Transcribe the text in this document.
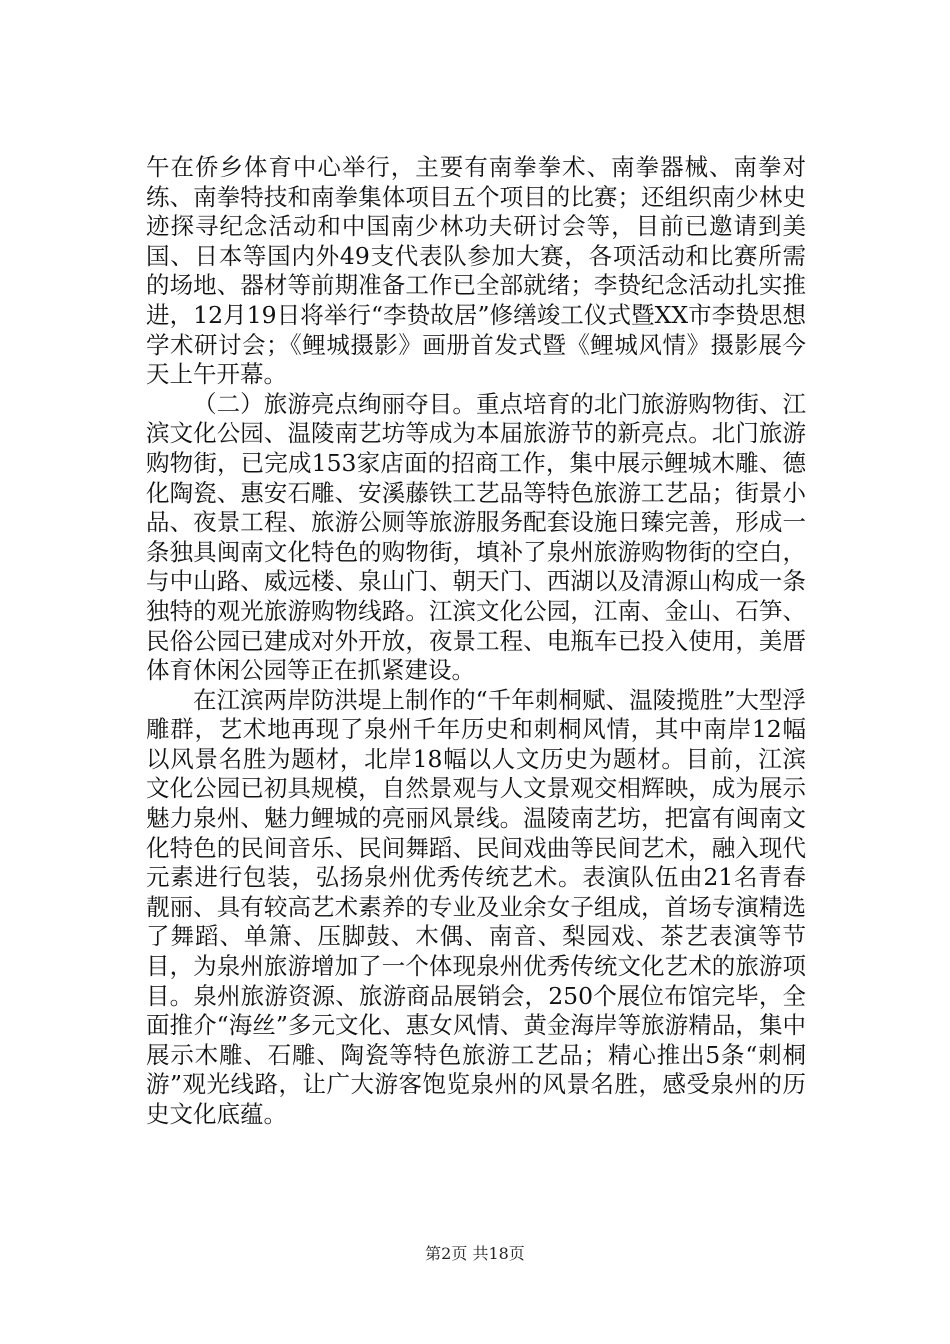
午在侨乡体育中心举行，主要有南拳拳术、南拳器械、南拳对练、南拳特技和南拳集体项目五个项目的比赛；还组织南少林史迹探寻纪念活动和中国南少林功夫研讨会等，目前已邀请到美国、日本等国内外49支代表队参加大赛，各项活动和比赛所需的场地、器材等前期准备工作已全部就绪；李贽纪念活动扎实推进，12月19日将举行“李贽故居”修缮竣工仪式暨XX市李贽思想学术研讨会；《鲤城摄影》画册首发式暨《鲤城风情》摄影展今天上午开幕。

（二）旅游亮点绚丽夺目。重点培育的北门旅游购物街、江滨文化公园、温陵南艺坊等成为本届旅游节的新亮点。北门旅游购物街，已完成153家店面的招商工作，集中展示鲤城木雕、德化陶瓷、惠安石雕、安溪藤铁工艺品等特色旅游工艺品；街景小品、夜景工程、旅游公厕等旅游服务配套设施日臻完善，形成一条独具闽南文化特色的购物街，填补了泉州旅游购物街的空白，与中山路、威远楼、泉山门、朝天门、西湖以及清源山构成一条独特的观光旅游购物线路。江滨文化公园，江南、金山、石笋、民俗公园已建成对外开放，夜景工程、电瓶车已投入使用，美厝体育休闲公园等正在抓紧建设。

在江滨两岸防洪堤上制作的“千年刺桐赋、温陵揽胜”大型浮雕群，艺术地再现了泉州千年历史和刺桐风情，其中南岸12幅以风景名胜为题材，北岸18幅以人文历史为题材。目前，江滨文化公园已初具规模，自然景观与人文景观交相辉映，成为展示魅力泉州、魅力鲤城的亮丽风景线。温陵南艺坊，把富有闽南文化特色的民间音乐、民间舞蹈、民间戏曲等民间艺术，融入现代元素进行包装，弘扬泉州优秀传统艺术。表演队伍由21名青春靓丽、具有较高艺术素养的专业及业余女子组成，首场专演精选了舞蹈、单箫、压脚鼓、木偶、南音、梨园戏、茶艺表演等节目，为泉州旅游增加了一个体现泉州优秀传统文化艺术的旅游项目。泉州旅游资源、旅游商品展销会，250个展位布馆完毕，全面推介“海丝”多元文化、惠女风情、黄金海岸等旅游精品，集中展示木雕、石雕、陶瓷等特色旅游工艺品；精心推出5条“刺桐游”观光线路，让广大游客饱览泉州的风景名胜，感受泉州的历史文化底蕴。

第2页 共18页
